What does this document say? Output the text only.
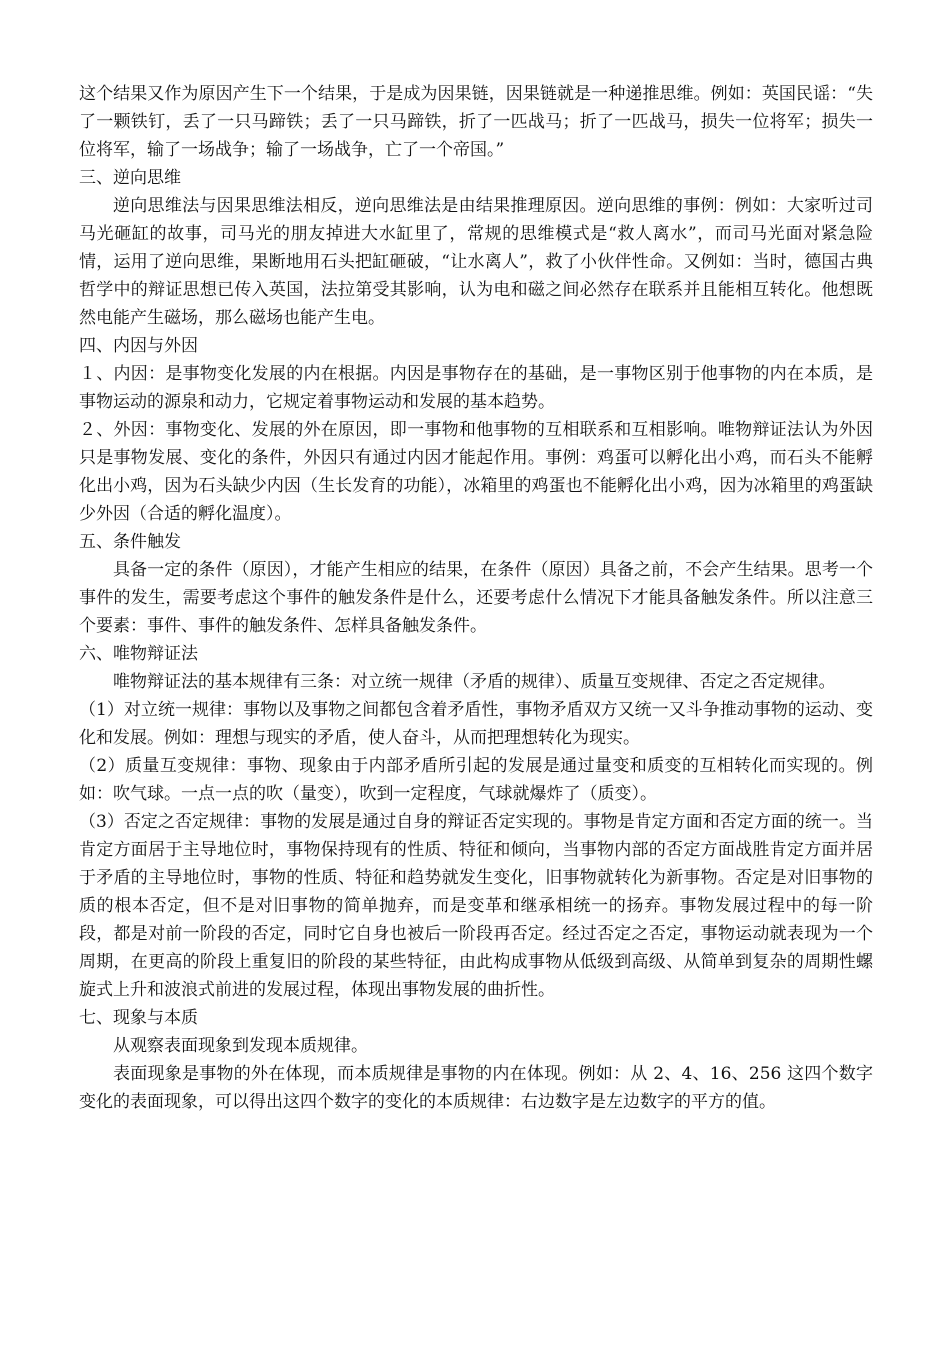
这个结果又作为原因产生下一个结果，于是成为因果链，因果链就是一种递推思维。例如：英国民谣：“失了一颗铁钉，丢了一只马蹄铁；丢了一只马蹄铁，折了一匹战马；折了一匹战马，损失一位将军；损失一位将军，输了一场战争；输了一场战争，亡了一个帝国。”

三、逆向思维

逆向思维法与因果思维法相反，逆向思维法是由结果推理原因。逆向思维的事例：例如：大家听过司马光砸缸的故事，司马光的朋友掉进大水缸里了，常规的思维模式是“救人离水”，而司马光面对紧急险情，运用了逆向思维，果断地用石头把缸砸破，“让水离人”，救了小伙伴性命。又例如：当时，德国古典哲学中的辩证思想已传入英国，法拉第受其影响，认为电和磁之间必然存在联系并且能相互转化。他想既然电能产生磁场，那么磁场也能产生电。

四、内因与外因

１、内因：是事物变化发展的内在根据。内因是事物存在的基础，是一事物区别于他事物的内在本质，是事物运动的源泉和动力，它规定着事物运动和发展的基本趋势。

２、外因：事物变化、发展的外在原因，即一事物和他事物的互相联系和互相影响。唯物辩证法认为外因只是事物发展、变化的条件，外因只有通过内因才能起作用。事例：鸡蛋可以孵化出小鸡，而石头不能孵化出小鸡，因为石头缺少内因（生长发育的功能），冰箱里的鸡蛋也不能孵化出小鸡，因为冰箱里的鸡蛋缺少外因（合适的孵化温度）。

五、条件触发

具备一定的条件（原因），才能产生相应的结果，在条件（原因）具备之前，不会产生结果。思考一个事件的发生，需要考虑这个事件的触发条件是什么，还要考虑什么情况下才能具备触发条件。所以注意三个要素：事件、事件的触发条件、怎样具备触发条件。

六、唯物辩证法

唯物辩证法的基本规律有三条：对立统一规律（矛盾的规律）、质量互变规律、否定之否定规律。

（1）对立统一规律：事物以及事物之间都包含着矛盾性，事物矛盾双方又统一又斗争推动事物的运动、变化和发展。例如：理想与现实的矛盾，使人奋斗，从而把理想转化为现实。

（2）质量互变规律：事物、现象由于内部矛盾所引起的发展是通过量变和质变的互相转化而实现的。例如：吹气球。一点一点的吹（量变），吹到一定程度，气球就爆炸了（质变）。

（3）否定之否定规律：事物的发展是通过自身的辩证否定实现的。事物是肯定方面和否定方面的统一。当肯定方面居于主导地位时，事物保持现有的性质、特征和倾向，当事物内部的否定方面战胜肯定方面并居于矛盾的主导地位时，事物的性质、特征和趋势就发生变化，旧事物就转化为新事物。否定是对旧事物的质的根本否定，但不是对旧事物的简单抛弃，而是变革和继承相统一的扬弃。事物发展过程中的每一阶段，都是对前一阶段的否定，同时它自身也被后一阶段再否定。经过否定之否定，事物运动就表现为一个周期，在更高的阶段上重复旧的阶段的某些特征，由此构成事物从低级到高级、从简单到复杂的周期性螺旋式上升和波浪式前进的发展过程，体现出事物发展的曲折性。

七、现象与本质

从观察表面现象到发现本质规律。

表面现象是事物的外在体现，而本质规律是事物的内在体现。例如：从 2、4、16、256 这四个数字变化的表面现象，可以得出这四个数字的变化的本质规律：右边数字是左边数字的平方的值。
